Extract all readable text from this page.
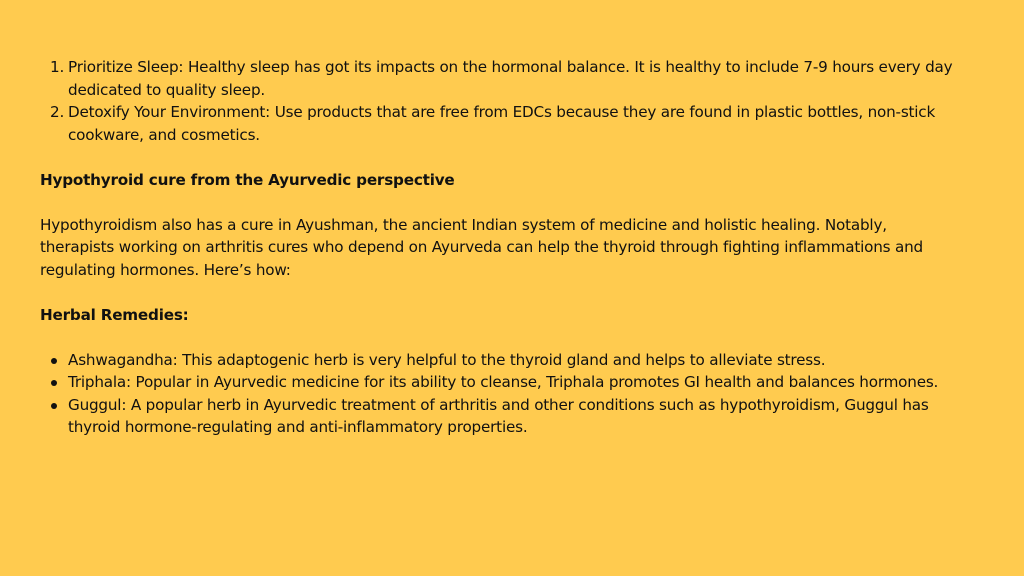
1. Prioritize Sleep: Healthy sleep has got its impacts on the hormonal balance. It is healthy to include 7-9 hours every day dedicated to quality sleep.
2. Detoxify Your Environment: Use products that are free from EDCs because they are found in plastic bottles, non-stick cookware, and cosmetics.

Hypothyroid cure from the Ayurvedic perspective

Hypothyroidism also has a cure in Ayushman, the ancient Indian system of medicine and holistic healing. Notably, therapists working on arthritis cures who depend on Ayurveda can help the thyroid through fighting inflammations and regulating hormones. Here’s how:

Herbal Remedies:

Ashwagandha: This adaptogenic herb is very helpful to the thyroid gland and helps to alleviate stress.
Triphala: Popular in Ayurvedic medicine for its ability to cleanse, Triphala promotes GI health and balances hormones.
Guggul: A popular herb in Ayurvedic treatment of arthritis and other conditions such as hypothyroidism, Guggul has thyroid hormone-regulating and anti-inflammatory properties.
